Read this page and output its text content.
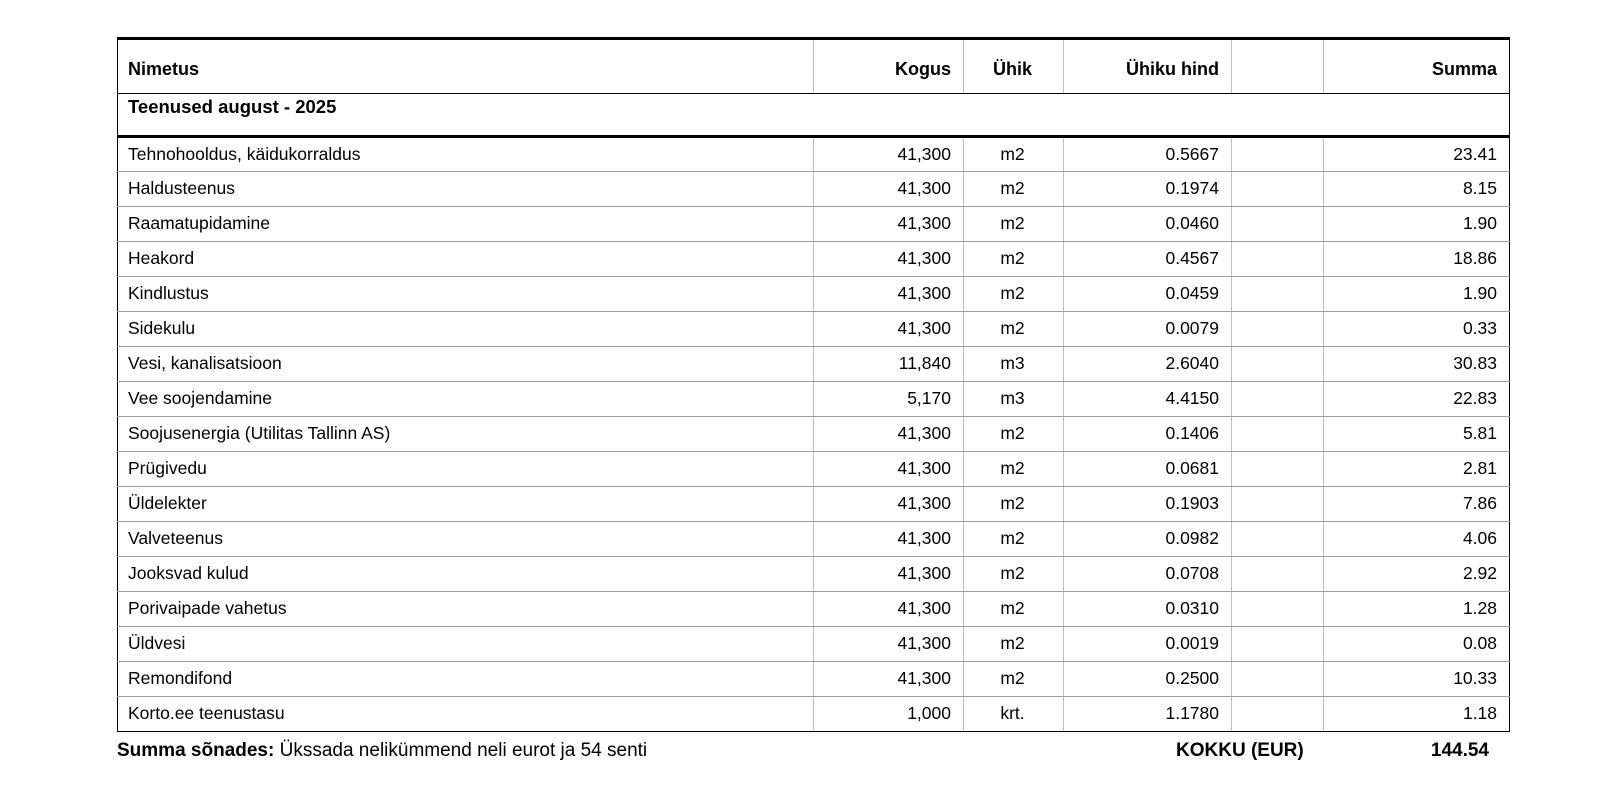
Nimetus	Kogus	Ühik	Ühiku hind		Summa
Teenused august - 2025					
Tehnohooldus, käidukorraldus	41,300	m2	0.5667		23.41
Haldusteenus	41,300	m2	0.1974		8.15
Raamatupidamine	41,300	m2	0.0460		1.90
Heakord	41,300	m2	0.4567		18.86
Kindlustus	41,300	m2	0.0459		1.90
Sidekulu	41,300	m2	0.0079		0.33
Vesi, kanalisatsioon	11,840	m3	2.6040		30.83
Vee soojendamine	5,170	m3	4.4150		22.83
Soojusenergia (Utilitas Tallinn AS)	41,300	m2	0.1406		5.81
Prügivedu	41,300	m2	0.0681		2.81
Üldelekter	41,300	m2	0.1903		7.86
Valveteenus	41,300	m2	0.0982		4.06
Jooksvad kulud	41,300	m2	0.0708		2.92
Porivaipade vahetus	41,300	m2	0.0310		1.28
Üldvesi	41,300	m2	0.0019		0.08
Remondifond	41,300	m2	0.2500		10.33
Korto.ee teenustasu	1,000	krt.	1.1780		1.18
Summa sõnades: Ükssada nelikümmend neli eurot ja 54 senti	KOKKU (EUR)	144.54
